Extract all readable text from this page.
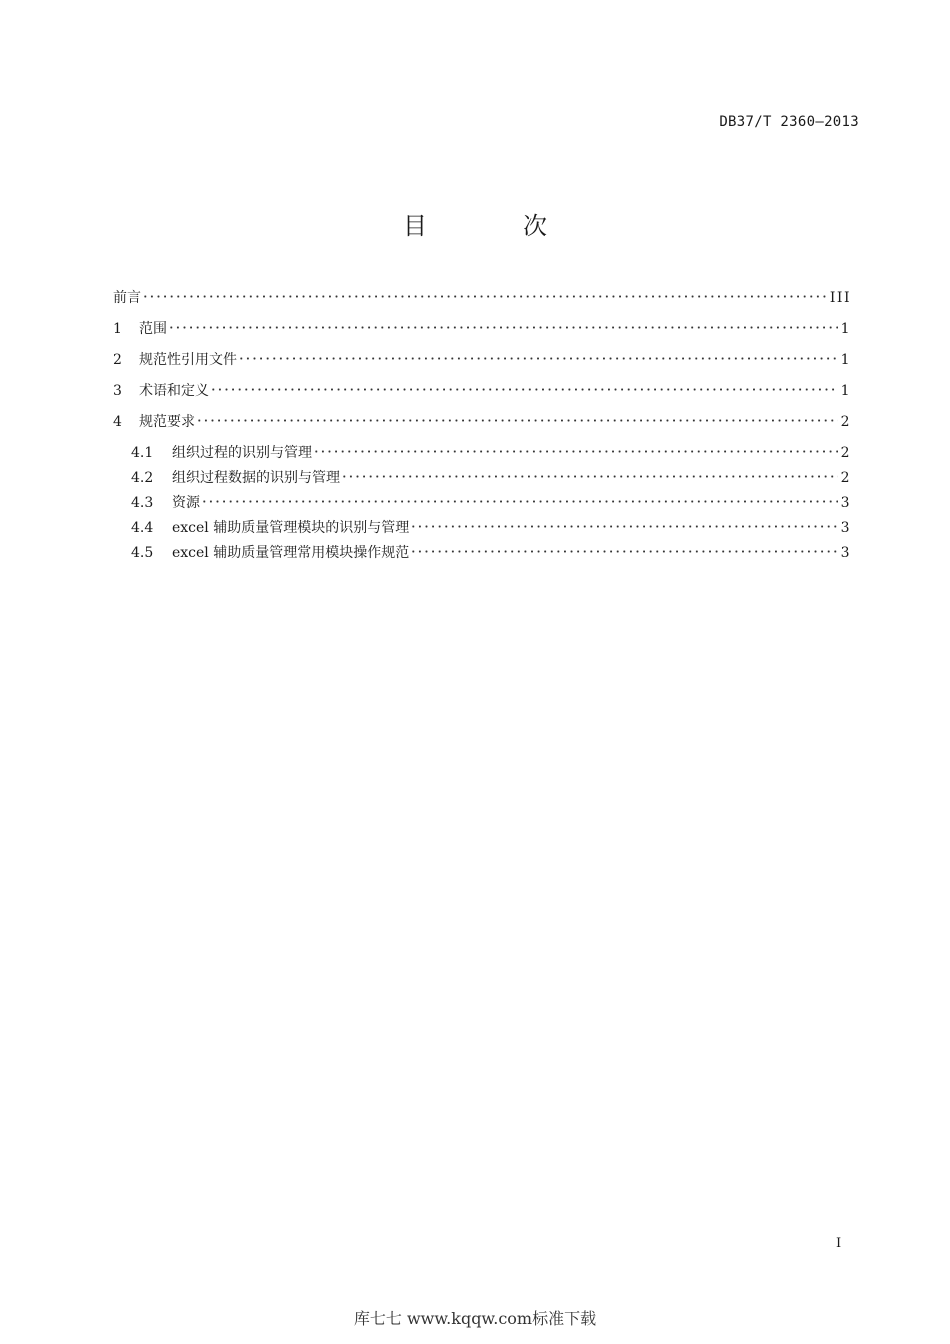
DB37/T 2360—2013
目	次
前言	III
1	范围	1
2	规范性引用文件	1
3	术语和定义	1
4	规范要求	2
4.1	组织过程的识别与管理	2
4.2	组织过程数据的识别与管理	2
4.3	资源	3
4.4	excel 辅助质量管理模块的识别与管理	3
4.5	excel 辅助质量管理常用模块操作规范	3
I
库七七 www.kqqw.com标准下载
